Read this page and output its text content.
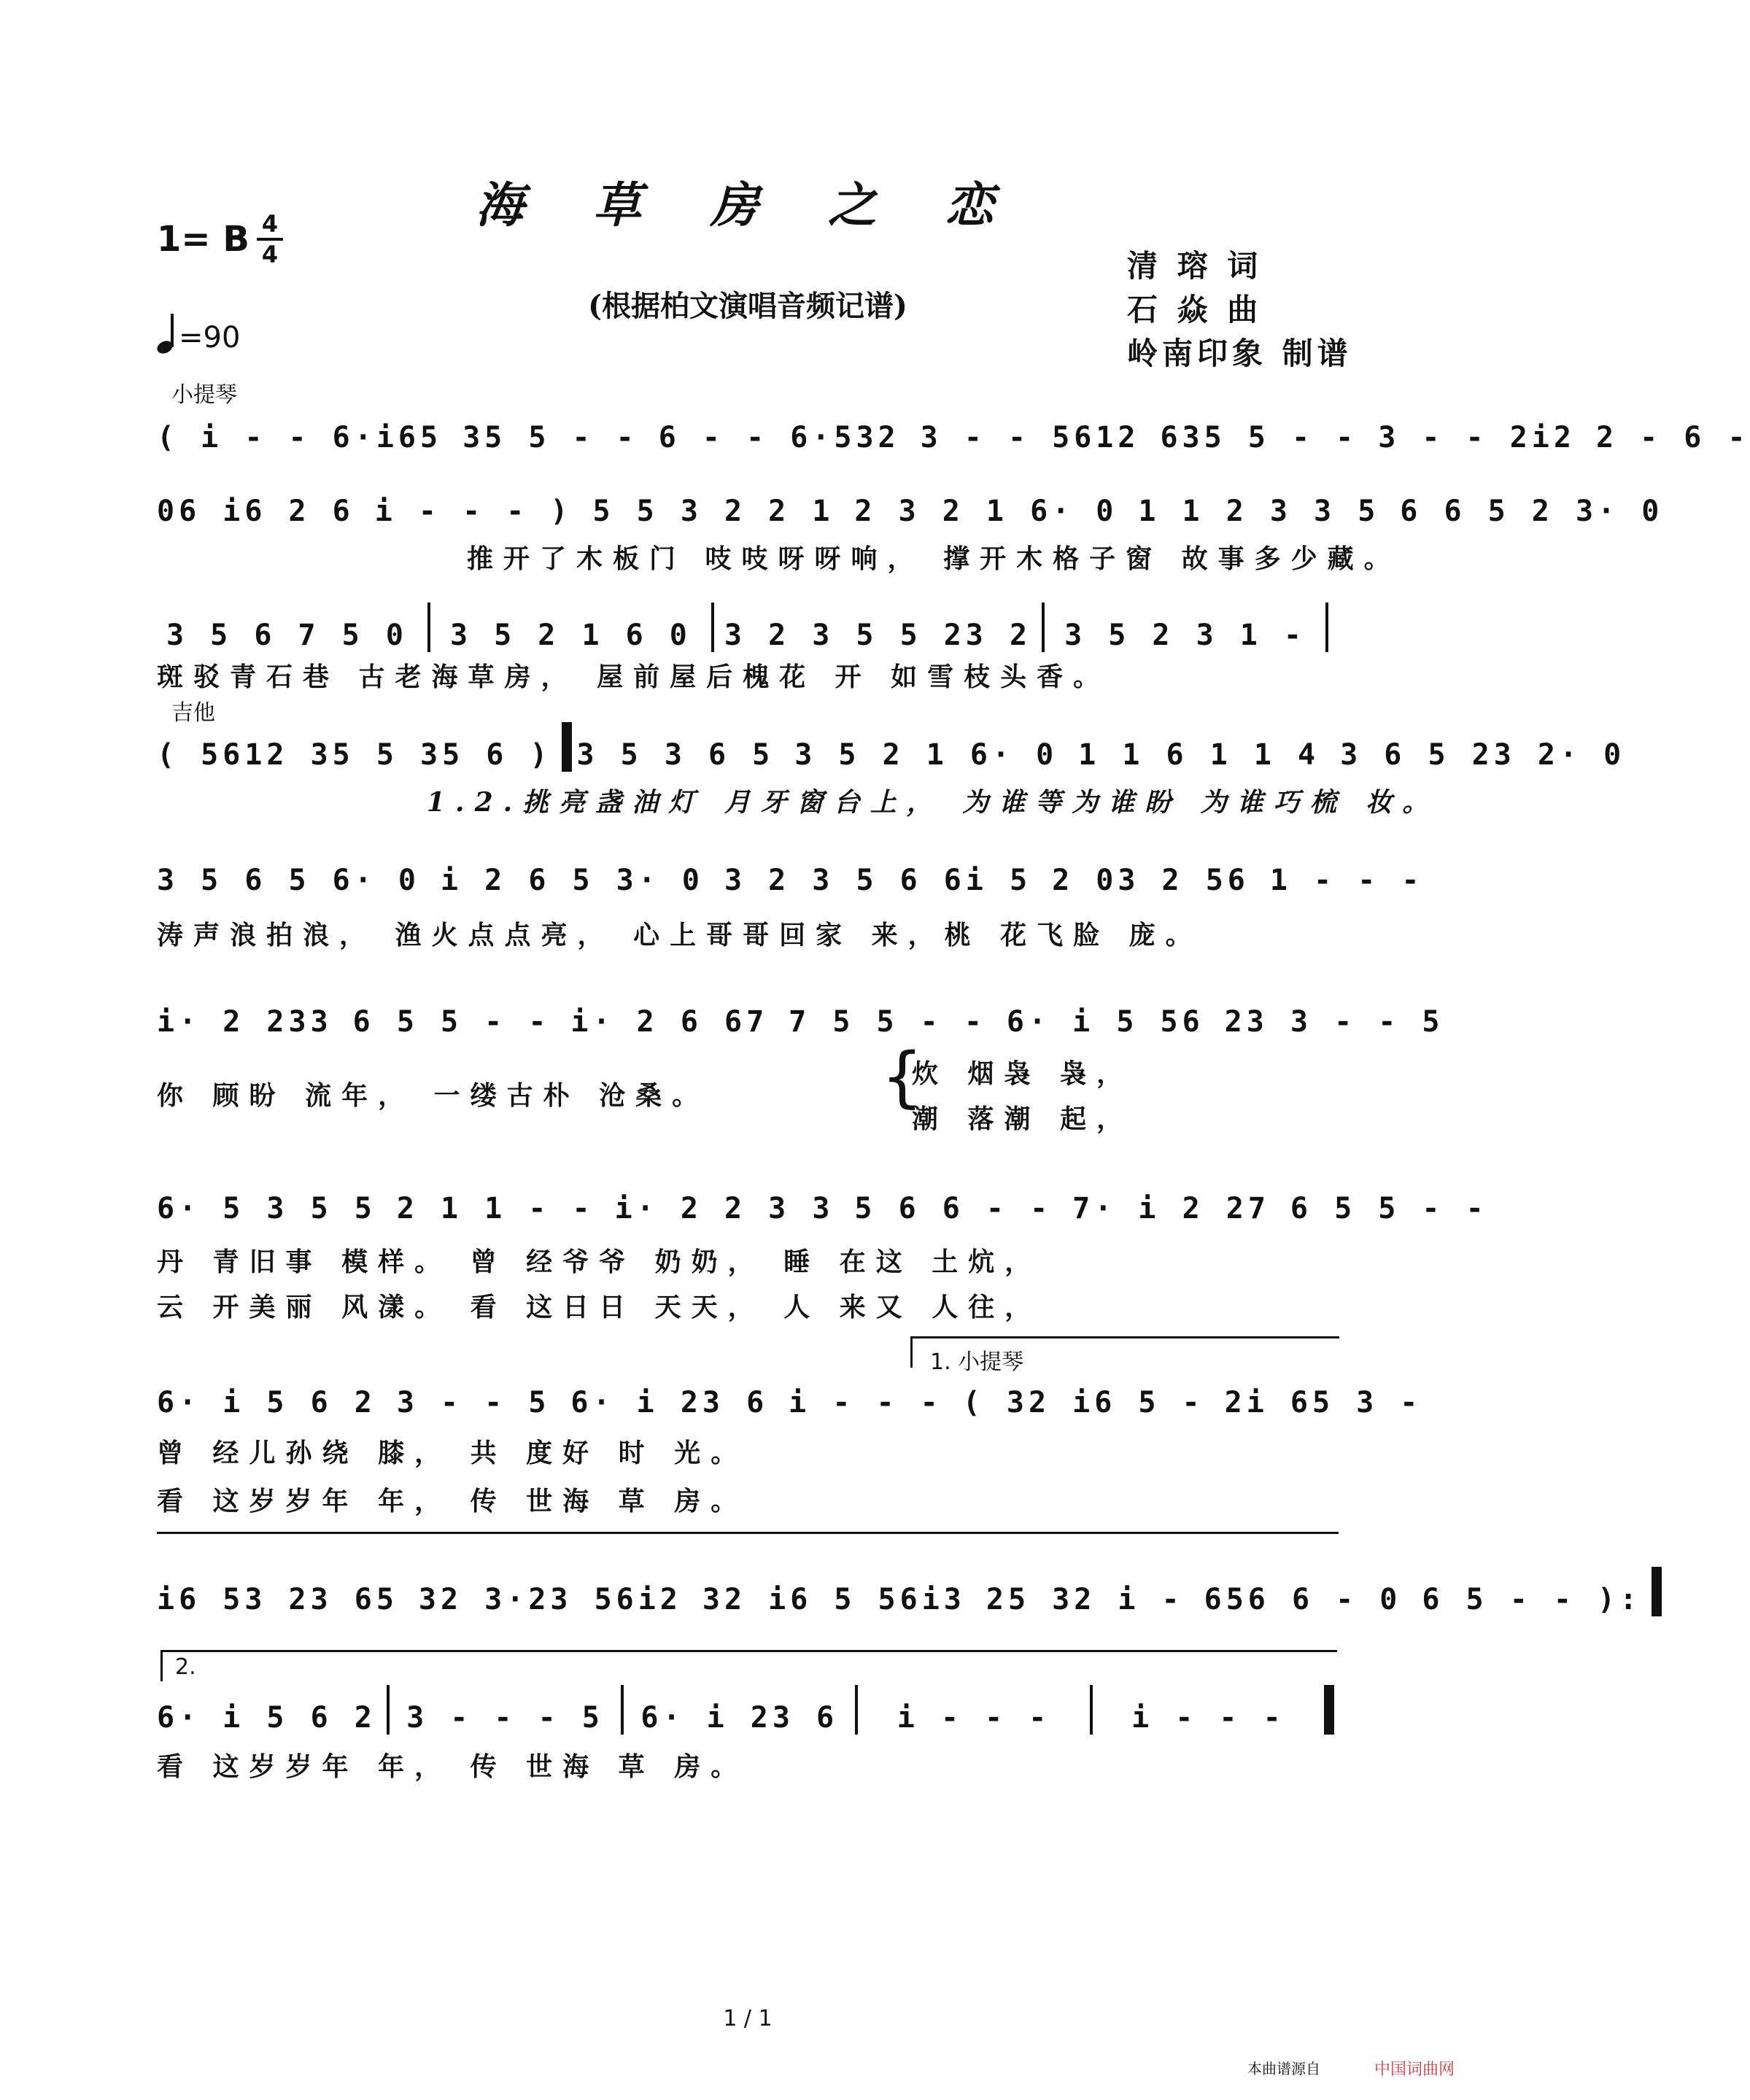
海 草 房 之 恋
(根据柏文演唱音频记谱)
清 瑢 词
石 焱 曲
岭南印象 制谱
1= B 4
4
=90
小提琴
( i - - 6·i65 35 5 - - 6 - - 6·532 3 - - 5612 635 5 - - 3 - - 2i2 2 - 6 -
06 i6 2 6 i - - - ) 5 5 3 2 2 1 2 3 2 1 6· 0 1 1 2 3 3 5 6 6 5 2 3· 0
推开了木板门 吱吱呀呀响， 撑开木格子窗 故事多少藏。
3 5 6 7 5 0	3 5 2 1 6 0	3 2 3 5 5 23 2	3 5 2 3 1 -
斑驳青石巷 古老海草房， 屋前屋后槐花 开 如雪枝头香。
吉他
( 5612 35 5 35 6 ) 3 5 3 6 5 3 5 2 1 6· 0 1 1 6 1 1 4 3 6 5 23 2· 0
1.2.挑亮盏油灯 月牙窗台上， 为谁等为谁盼 为谁巧梳 妆。
3 5 6 5 6· 0 i 2 6 5 3· 0 3 2 3 5 6 6i 5 2 03 2 56 1 - - -
涛声浪拍浪， 渔火点点亮， 心上哥哥回家 来，桃 花飞脸 庞。
i· 2 233 6 5 5 - - i· 2 6 67 7 5 5 - - 6· i 5 56 23 3 - - 5
你 顾盼 流年， 一缕古朴 沧桑。	{
炊 烟袅 袅，
潮 落潮 起，
6· 5 3 5 5 2 1 1 - - i· 2 2 3 3 5 6 6 - - 7· i 2 27 6 5 5 - -
丹 青旧事 模样。 曾 经爷爷 奶奶， 睡 在这 土炕，
云 开美丽 风漾。 看 这日日 天天， 人 来又 人往，
1. 小提琴
6· i 5 6 2 3 - - 5 6· i 23 6 i - - - ( 32 i6 5 - 2i 65 3 -
曾 经儿孙绕 膝， 共 度好 时 光。
看 这岁岁年 年， 传 世海 草 房。
i6 53 23 65 32 3·23 56i2 32 i6 5 56i3 25 32 i - 656 6 - 0 6 5 - - ):
2.
6· i 5 6 2 3 - - - 5 6· i 23 6	i - - -	i - - -
看 这岁岁年 年， 传 世海 草 房。
1 / 1
本曲谱源自	中国词曲网
